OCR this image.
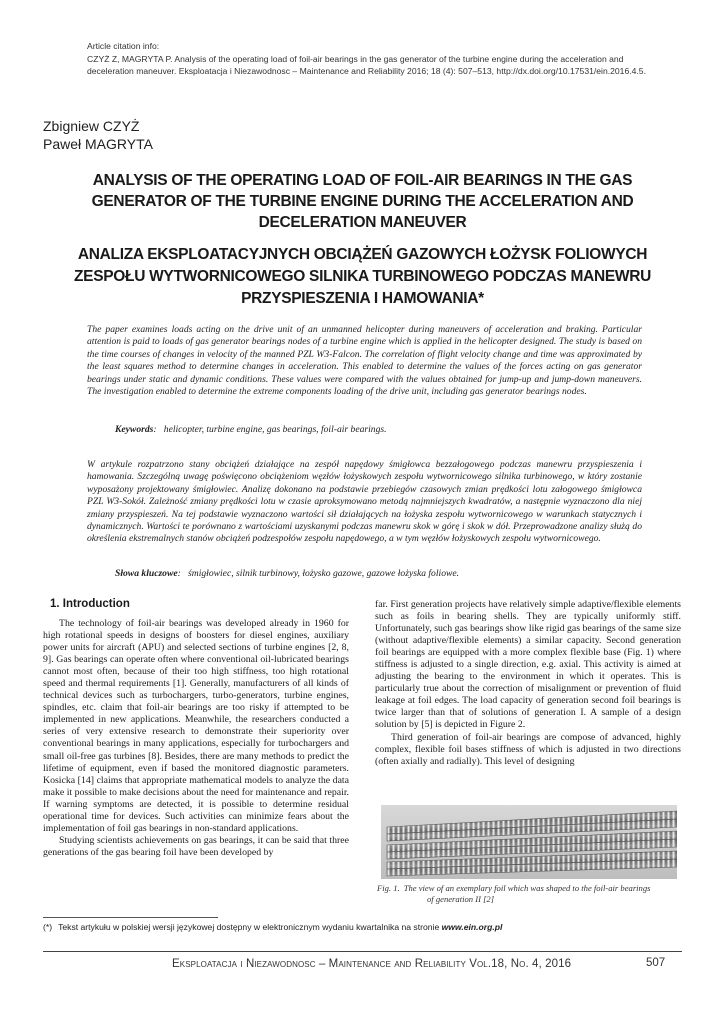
Article citation info:
CZYŻ Z, MAGRYTA P. Analysis of the operating load of foil-air bearings in the gas generator of the turbine engine during the acceleration and deceleration maneuver. Eksploatacja i Niezawodnosc – Maintenance and Reliability 2016; 18 (4): 507–513, http://dx.doi.org/10.17531/ein.2016.4.5.
Zbigniew CZYŻ
Paweł MAGRYTA
ANALYSIS OF THE OPERATING LOAD OF FOIL-AIR BEARINGS IN THE GAS GENERATOR OF THE TURBINE ENGINE DURING THE ACCELERATION AND DECELERATION MANEUVER
ANALIZA EKSPLOATACYJNYCH OBCIĄŻEŃ GAZOWYCH ŁOŻYSK FOLIOWYCH ZESPOŁU WYTWORNICOWEGO SILNIKA TURBINOWEGO PODCZAS MANEWRU PRZYSPIESZENIA I HAMOWANIA*
The paper examines loads acting on the drive unit of an unmanned helicopter during maneuvers of acceleration and braking. Particular attention is paid to loads of gas generator bearings nodes of a turbine engine which is applied in the helicopter designed. The study is based on the time courses of changes in velocity of the manned PZL W3-Falcon. The correlation of flight velocity change and time was approximated by the least squares method to determine changes in acceleration. This enabled to determine the values of the forces acting on gas generator bearings under static and dynamic conditions. These values were compared with the values obtained for jump-up and jump-down maneuvers. The investigation enabled to determine the extreme components loading of the drive unit, including gas generator bearings nodes.
Keywords:   helicopter, turbine engine, gas bearings, foil-air bearings.
W artykule rozpatrzono stany obciążeń działające na zespół napędowy śmigłowca bezzałogowego podczas manewru przyspieszenia i hamowania. Szczególną uwagę poświęcono obciążeniom węzłów łożyskowych zespołu wytwornicowego silnika turbinowego, w który zostanie wyposażony projektowany śmigłowiec. Analizę dokonano na podstawie przebiegów czasowych zmian prędkości lotu załogowego śmigłowca PZL W3-Sokół. Zależność zmiany prędkości lotu w czasie aproksymowano metodą najmniejszych kwadratów, a następnie wyznaczono dla niej zmiany przyspieszeń. Na tej podstawie wyznaczono wartości sił działających na łożyska zespołu wytwornicowego w warunkach statycznych i dynamicznych. Wartości te porównano z wartościami uzyskanymi podczas manewru skok w górę i skok w dół. Przeprowadzone analizy służą do określenia ekstremalnych stanów obciążeń podzespołów zespołu napędowego, a w tym węzłów łożyskowych zespołu wytwornicowego.
Słowa kluczowe:   śmigłowiec, silnik turbinowy, łożysko gazowe, gazowe łożyska foliowe.
1. Introduction

The technology of foil-air bearings was developed already in 1960 for high rotational speeds in designs of boosters for diesel engines, auxiliary power units for aircraft (APU) and selected sections of turbine engines [2, 8, 9]. Gas bearings can operate often where conventional oil-lubricated bearings cannot most often, because of their too high stiffness, too high rotational speed and thermal requirements [1]. Generally, manufacturers of all kinds of technical devices such as turbochargers, turbo-generators, turbine engines, spindles, etc. claim that foil-air bearings are too risky if attempted to be implemented in new applications. Meanwhile, the researchers conducted a series of very extensive research to demonstrate their superiority over conventional bearings in many applications, especially for turbochargers and small oil-free gas turbines [8]. Besides, there are many methods to predict the lifetime of equipment, even if based the monitored diagnostic parameters. Kosicka [14] claims that appropriate mathematical models to analyze the data make it possible to make decisions about the need for maintenance and repair. If warning symptoms are detected, it is possible to determine residual operational time for devices. Such activities can minimize fears about the implementation of foil gas bearings in non-standard applications.

Studying scientists achievements on gas bearings, it can be said that three generations of the gas bearing foil have been developed by

far. First generation projects have relatively simple adaptive/flexible elements such as foils in bearing shells. They are typically uniformly stiff. Unfortunately, such gas bearings show like rigid gas bearings of the same size (without adaptive/flexible elements) a similar capacity. Second generation foil bearings are equipped with a more complex flexible base (Fig. 1) where stiffness is adjusted to a single direction, e.g. axial. This activity is aimed at adjusting the bearing to the environment in which it operates. This is particularly true about the correction of misalignment or prevention of fluid leakage at foil edges. The load capacity of generation second foil bearings is twice larger than that of solutions of generation I. A sample of a design solution by [5] is depicted in Figure 2.

Third generation of foil-air bearings are compose of advanced, highly complex, flexible foil bases stiffness of which is adjusted in two directions (often axially and radially). This level of designing

Fig. 1. The view of an exemplary foil which was shaped to the foil-air bearings
of generation II [2]
(*) Tekst artykułu w polskiej wersji językowej dostępny w elektronicznym wydaniu kwartalnika na stronie www.ein.org.pl
Eksploatacja i Niezawodnosc – Maintenance and Reliability Vol.18, No. 4, 2016	507
